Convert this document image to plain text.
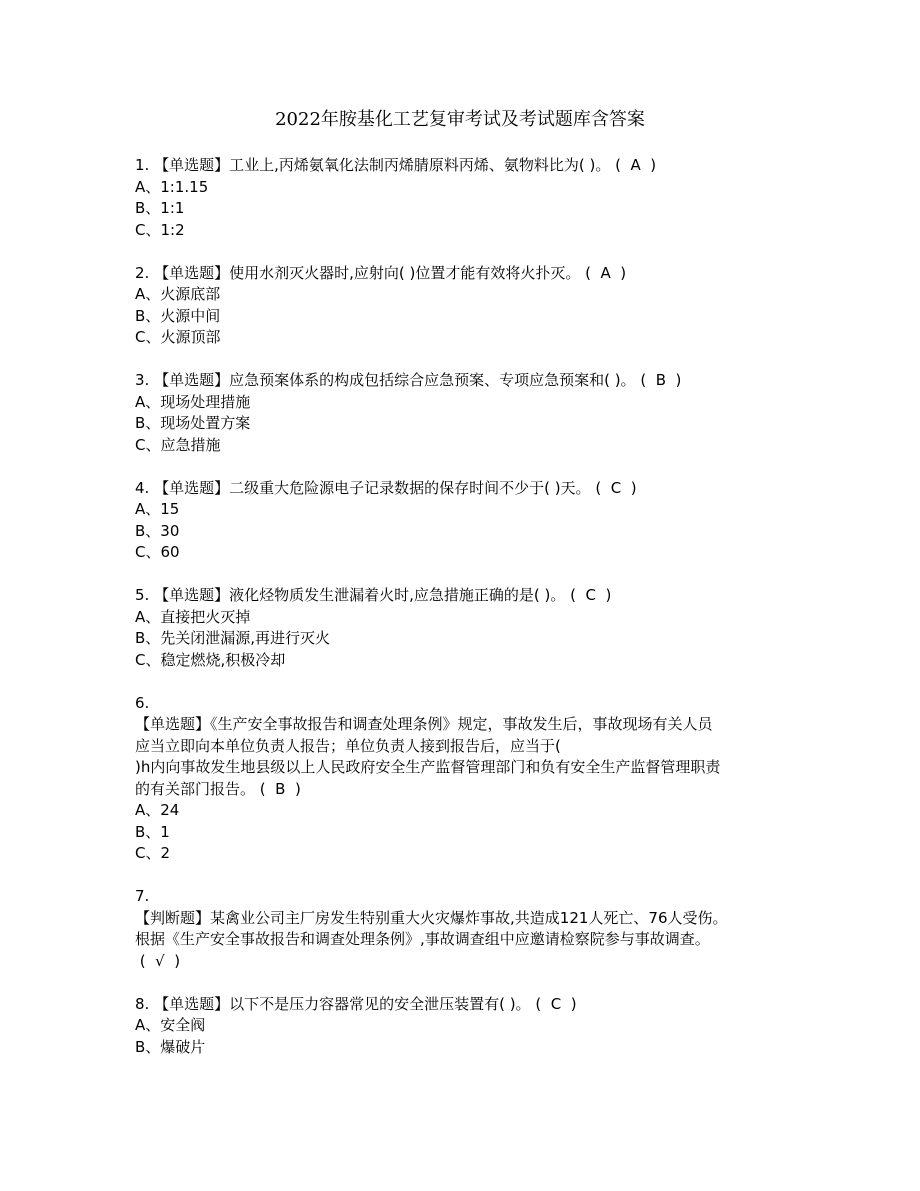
2022年胺基化工艺复审考试及考试题库含答案
1. 【单选题】工业上,丙烯氨氧化法制丙烯腈原料丙烯、氨物料比为( )。 (  A  )
A、1:1.15
B、1:1
C、1:2
2. 【单选题】使用水剂灭火器时,应射向( )位置才能有效将火扑灭。 (  A  )
A、火源底部
B、火源中间
C、火源顶部
3. 【单选题】应急预案体系的构成包括综合应急预案、专项应急预案和( )。 (  B  )
A、现场处理措施
B、现场处置方案
C、应急措施
4. 【单选题】二级重大危险源电子记录数据的保存时间不少于( )天。 (  C  )
A、15
B、30
C、60
5. 【单选题】液化烃物质发生泄漏着火时,应急措施正确的是( )。 (  C  )
A、直接把火灭掉
B、先关闭泄漏源,再进行灭火
C、稳定燃烧,积极冷却
6.
【单选题】《生产安全事故报告和调查处理条例》规定，事故发生后，事故现场有关人员
应当立即向本单位负责人报告；单位负责人接到报告后，应当于(
)h内向事故发生地县级以上人民政府安全生产监督管理部门和负有安全生产监督管理职责
的有关部门报告。 (  B  )
A、24
B、1
C、2
7.
【判断题】某禽业公司主厂房发生特别重大火灾爆炸事故,共造成121人死亡、76人受伤。
根据《生产安全事故报告和调查处理条例》,事故调查组中应邀请检察院参与事故调查。
(  √  )
8. 【单选题】以下不是压力容器常见的安全泄压装置有( )。 (  C  )
A、安全阀
B、爆破片
